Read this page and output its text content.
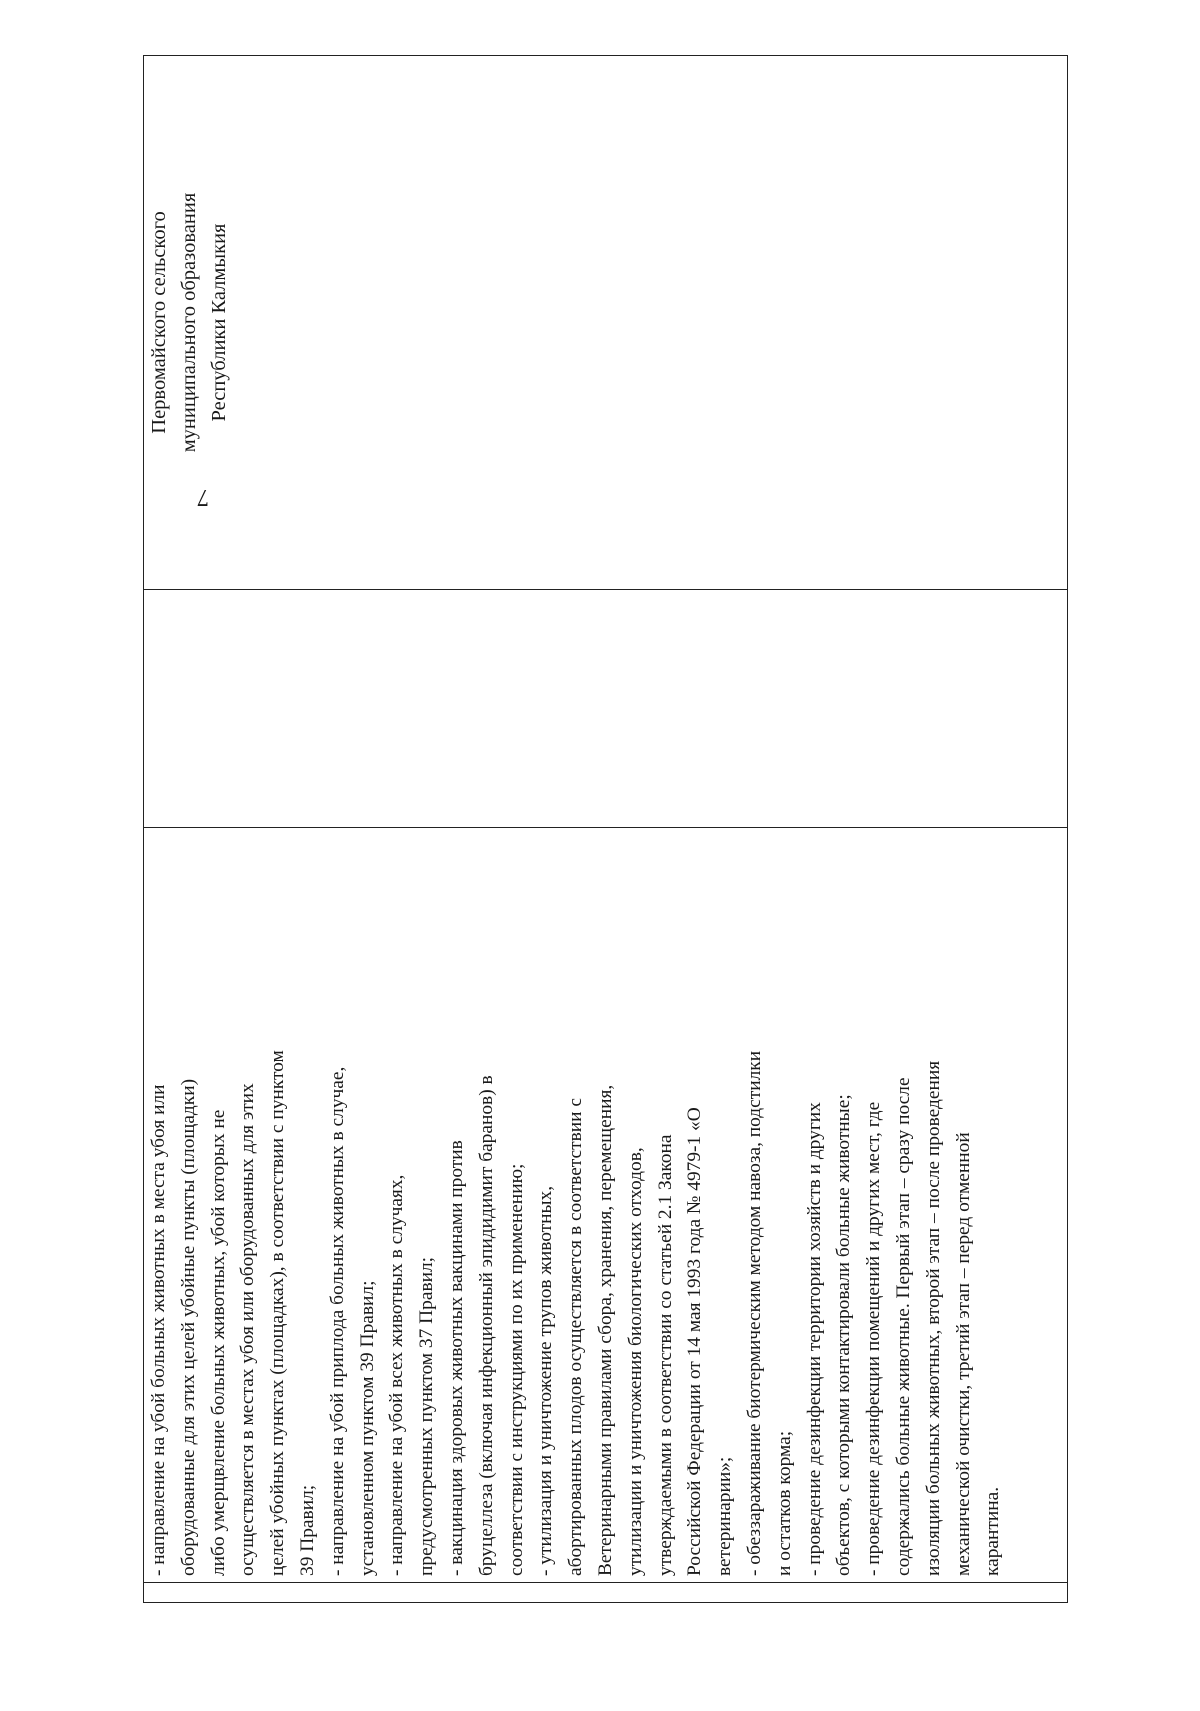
- направление на убой больных животных в места убоя или оборудованные для этих целей убойные пункты (площадки) либо умерщвление больных животных, убой которых не осуществляется в местах убоя или оборудованных для этих целей убойных пунктах (площадках), в соответствии с пунктом 39 Правил; - направление на убой приплода больных животных в случае, установленном пунктом 39 Правил; - направление на убой всех животных в случаях, предусмотренных пунктом 37 Правил; - вакцинация здоровых животных вакцинами против бруцеллеза (включая инфекционный эпидидимит баранов) в соответствии с инструкциями по их применению; - утилизация и уничтожение трупов животных, абортированных плодов осуществляется в соответствии с Ветеринарными правилами сбора, хранения, перемещения, утилизации и уничтожения биологических отходов, утверждаемыми в соответствии со статьей 2.1 Закона Российской Федерации от 14 мая 1993 года № 4979-1 «О ветеринарии»; - обеззараживание биотермическим методом навоза, подстилки и остатков корма; - проведение дезинфекции территории хозяйств и других объектов, с которыми контактировали больные животные; - проведение дезинфекции помещений и других мест, где содержались больные животные. Первый этап – сразу после изоляции больных животных, второй этап – после проведения механической очистки, третий этап – перед отменной карантина.
Первомайского сельского муниципального образования Республики Калмыкия
7
